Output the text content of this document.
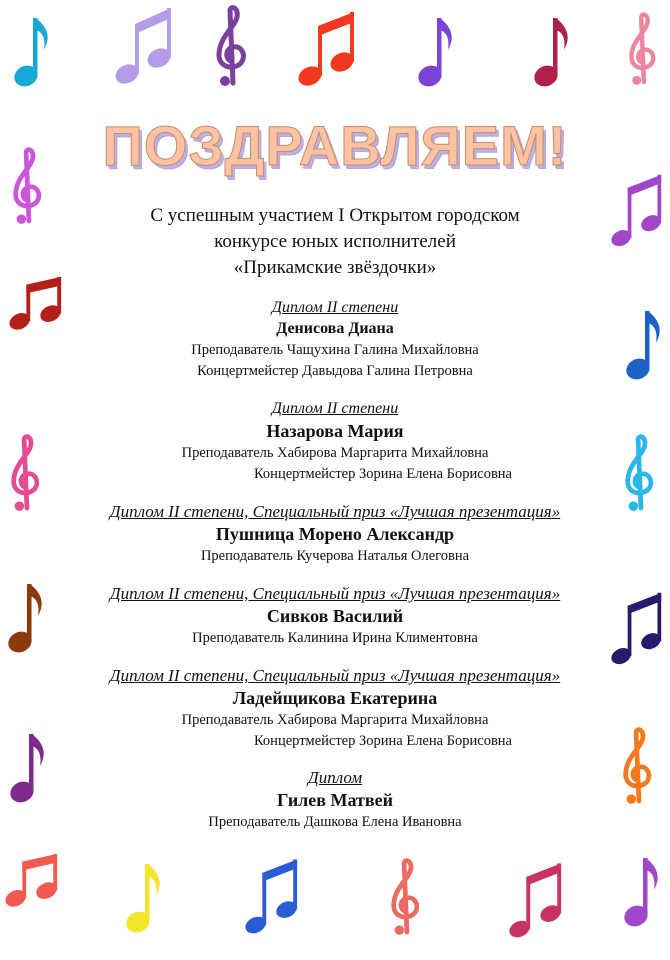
ПОЗДРАВЛЯЕМ!
С успешным участием I Открытом городском
конкурсе юных исполнителей
«Прикамские звёздочки»
Диплом II степени
Денисова Диана
Преподаватель Чащухина Галина Михайловна
Концертмейстер Давыдова Галина Петровна
Диплом II степени
Назарова Мария
Преподаватель Хабирова Маргарита Михайловна
Концертмейстер Зорина Елена Борисовна
Диплом II степени, Специальный приз «Лучшая презентация»
Пушница Морено Александр
Преподаватель Кучерова Наталья Олеговна
Диплом II степени, Специальный приз «Лучшая презентация»
Сивков Василий
Преподаватель Калинина Ирина Климентовна
Диплом II степени, Специальный приз «Лучшая презентация»
Ладейщикова Екатерина
Преподаватель Хабирова Маргарита Михайловна
Концертмейстер Зорина Елена Борисовна
Диплом
Гилев Матвей
Преподаватель Дашкова Елена Ивановна
